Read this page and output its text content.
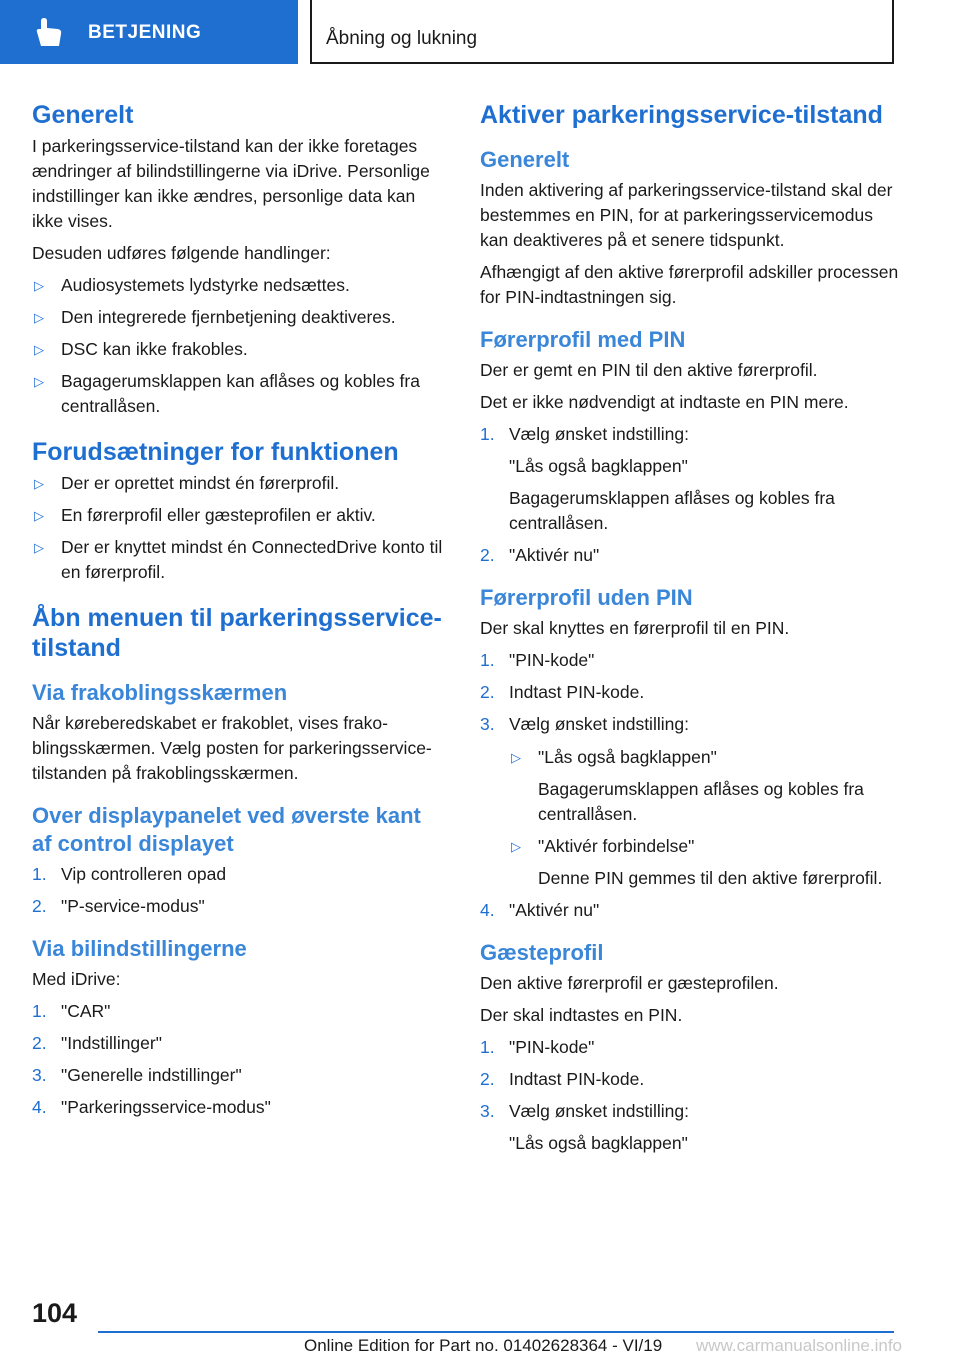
BETJENING	Åbning og lukning
Generelt

I parkeringsservice-tilstand kan der ikke foretages ændringer af bilindstillingerne via iDrive. Personlige indstillinger kan ikke ændres, personlige data kan ikke vises.

Desuden udføres følgende handlinger:

▷ Audiosystemets lydstyrke nedsættes.
▷ Den integrerede fjernbetjening deaktiveres.
▷ DSC kan ikke frakobles.
▷ Bagagerumsklappen kan aflåses og kobles fra centrallåsen.
Forudsætninger for funktionen
▷ Der er oprettet mindst én førerprofil.
▷ En førerprofil eller gæsteprofilen er aktiv.
▷ Der er knyttet mindst én ConnectedDrive konto til en førerprofil.
Åbn menuen til parkeringsservice-tilstand
Via frakoblingsskærmen

Når køreberedskabet er frakoblet, vises frakoblingsskærmen. Vælg posten for parkeringsservice-tilstanden på frakoblingsskærmen.

Over displaypanelet ved øverste kant af control displayet
1. Vip controlleren opad
2. "P-service-modus"
Via bilindstillingerne

Med iDrive:

1. "CAR"
2. "Indstillinger"
3. "Generelle indstillinger"
4. "Parkeringsservice-modus"
Aktiver parkeringsservice-tilstand
Generelt

Inden aktivering af parkeringsservice-tilstand skal der bestemmes en PIN, for at parkeringsservicemodus kan deaktiveres på et senere tidspunkt.

Afhængigt af den aktive førerprofil adskiller processen for PIN-indtastningen sig.

Førerprofil med PIN

Der er gemt en PIN til den aktive førerprofil.

Det er ikke nødvendigt at indtaste en PIN mere.

1. Vælg ønsket indstilling:
"Lås også bagklappen"
Bagagerumsklappen aflåses og kobles fra centrallåsen.
2. "Aktivér nu"
Førerprofil uden PIN

Der skal knyttes en førerprofil til en PIN.

1. "PIN-kode"
2. Indtast PIN-kode.
3. Vælg ønsket indstilling:
▷ "Lås også bagklappen"
Bagagerumsklappen aflåses og kobles fra centrallåsen.
▷ "Aktivér forbindelse"
Denne PIN gemmes til den aktive førerprofil.
4. "Aktivér nu"
Gæsteprofil

Den aktive førerprofil er gæsteprofilen.

Der skal indtastes en PIN.

1. "PIN-kode"
2. Indtast PIN-kode.
3. Vælg ønsket indstilling:
"Lås også bagklappen"
104
Online Edition for Part no. 01402628364 - VI/19 www.carmanualsonline.info
